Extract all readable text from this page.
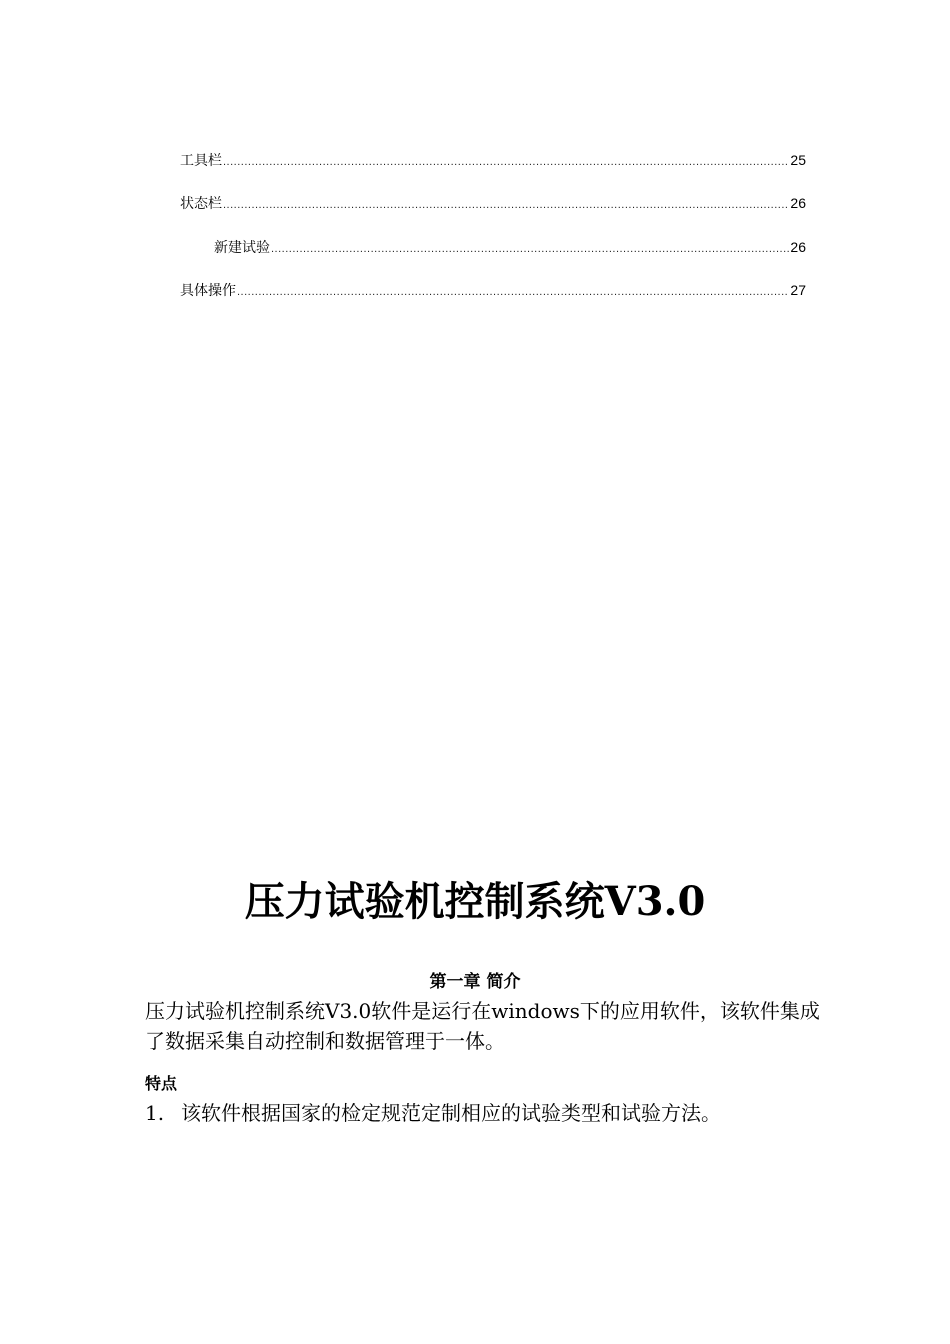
工具栏 .....	25
状态栏 .....	26
新建试验 .....	26
具体操作 .....	27
压力试验机控制系统V3.0
第一章 简介

压力试验机控制系统V3.0软件是运行在windows下的应用软件，该软件集成了数据采集自动控制和数据管理于一体。

特点

1. 该软件根据国家的检定规范定制相应的试验类型和试验方法。
